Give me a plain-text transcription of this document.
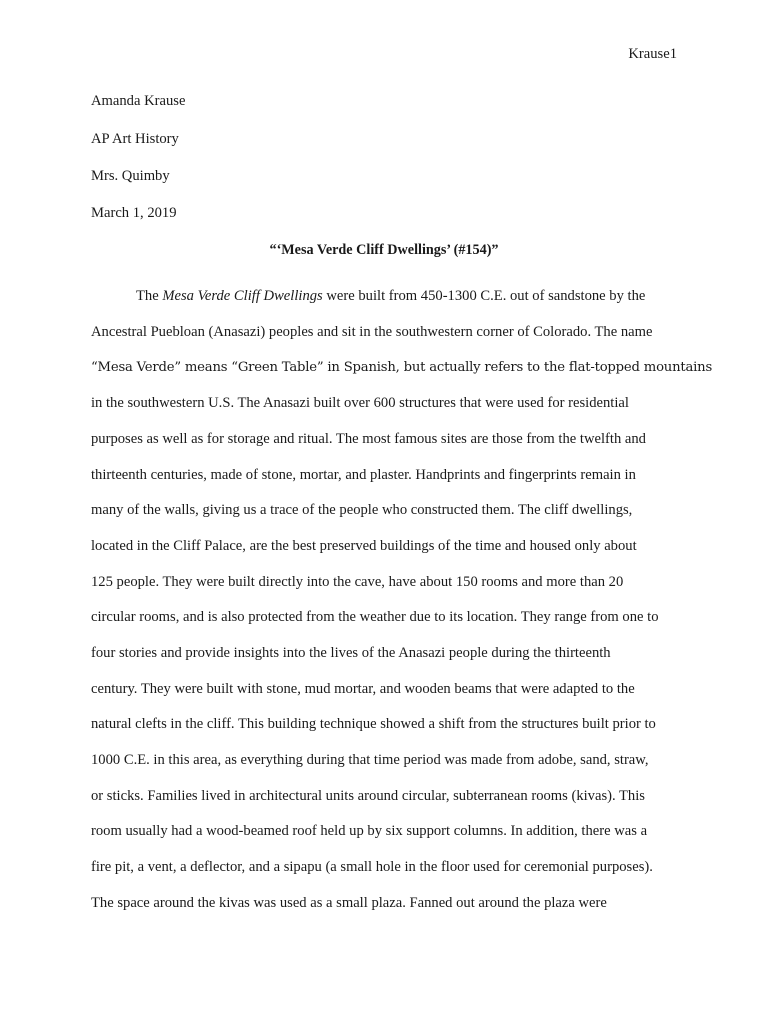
Krause1
Amanda Krause
AP Art History
Mrs. Quimby
March 1, 2019
“‘Mesa Verde Cliff Dwellings’ (#154)”
The Mesa Verde Cliff Dwellings were built from 450-1300 C.E. out of sandstone by the
Ancestral Puebloan (Anasazi) peoples and sit in the southwestern corner of Colorado. The name
“Mesa Verde” means “Green Table” in Spanish, but actually refers to the flat-topped mountains
in the southwestern U.S. The Anasazi built over 600 structures that were used for residential
purposes as well as for storage and ritual. The most famous sites are those from the twelfth and
thirteenth centuries, made of stone, mortar, and plaster. Handprints and fingerprints remain in
many of the walls, giving us a trace of the people who constructed them. The cliff dwellings,
located in the Cliff Palace, are the best preserved buildings of the time and housed only about
125 people. They were built directly into the cave, have about 150 rooms and more than 20
circular rooms, and is also protected from the weather due to its location. They range from one to
four stories and provide insights into the lives of the Anasazi people during the thirteenth
century. They were built with stone, mud mortar, and wooden beams that were adapted to the
natural clefts in the cliff. This building technique showed a shift from the structures built prior to
1000 C.E. in this area, as everything during that time period was made from adobe, sand, straw,
or sticks. Families lived in architectural units around circular, subterranean rooms (kivas). This
room usually had a wood-beamed roof held up by six support columns. In addition, there was a
fire pit, a vent, a deflector, and a sipapu (a small hole in the floor used for ceremonial purposes).
The space around the kivas was used as a small plaza. Fanned out around the plaza were
